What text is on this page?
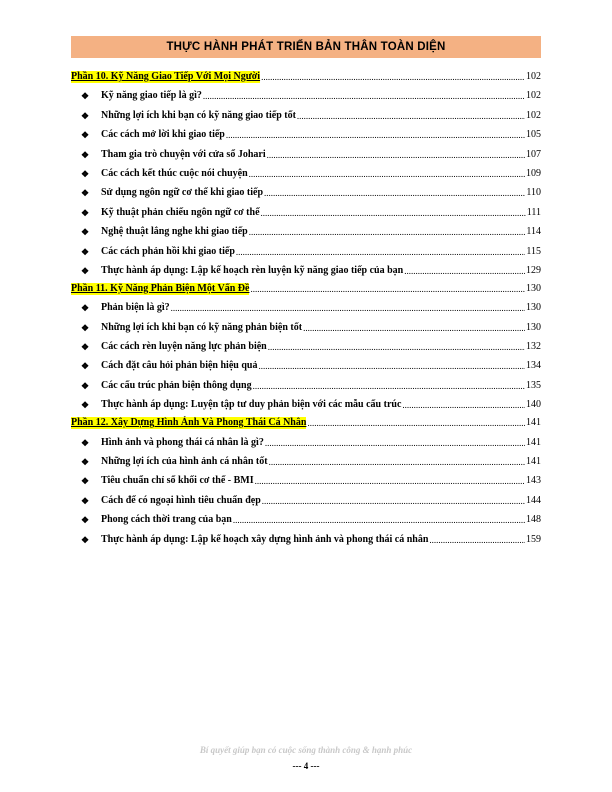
THỰC HÀNH PHÁT TRIỂN BẢN THÂN TOÀN DIỆN
Phần 10. Kỹ Năng Giao Tiếp Với Mọi Người .....	102
❖	Kỹ năng giao tiếp là gì? .....	102
❖	Những lợi ích khi bạn có kỹ năng giao tiếp tốt .....	102
❖	Các cách mở lời khi giao tiếp .....	105
❖	Tham gia trò chuyện với cửa sổ Johari .....	107
❖	Các cách kết thúc cuộc nói chuyện .....	109
❖	Sử dụng ngôn ngữ cơ thể khi giao tiếp .....	110
❖	Kỹ thuật phản chiếu ngôn ngữ cơ thể .....	111
❖	Nghệ thuật lắng nghe khi giao tiếp .....	114
❖	Các cách phản hồi khi giao tiếp .....	115
❖	Thực hành áp dụng: Lập kế hoạch rèn luyện kỹ năng giao tiếp của bạn .....	129
Phần 11. Kỹ Năng Phản Biện Một Vấn Đề .....	130
❖	Phản biện là gì? .....	130
❖	Những lợi ích khi bạn có kỹ năng phản biện tốt .....	130
❖	Các cách rèn luyện năng lực phản biện .....	132
❖	Cách đặt câu hỏi phản biện hiệu quả .....	134
❖	Các cấu trúc phản biện thông dụng .....	135
❖	Thực hành áp dụng: Luyện tập tư duy phản biện với các mẫu cấu trúc .....	140
Phần 12. Xây Dựng Hình Ảnh Và Phong Thái Cá Nhân .....	141
❖	Hình ảnh và phong thái cá nhân là gì? .....	141
❖	Những lợi ích của hình ảnh cá nhân tốt .....	141
❖	Tiêu chuẩn chỉ số khối cơ thể - BMI .....	143
❖	Cách để có ngoại hình tiêu chuẩn đẹp .....	144
❖	Phong cách thời trang của bạn .....	148
❖	Thực hành áp dụng: Lập kế hoạch xây dựng hình ảnh và phong thái cá nhân .....	159
Bí quyết giúp bạn có cuộc sống thành công & hạnh phúc
--- 4 ---
